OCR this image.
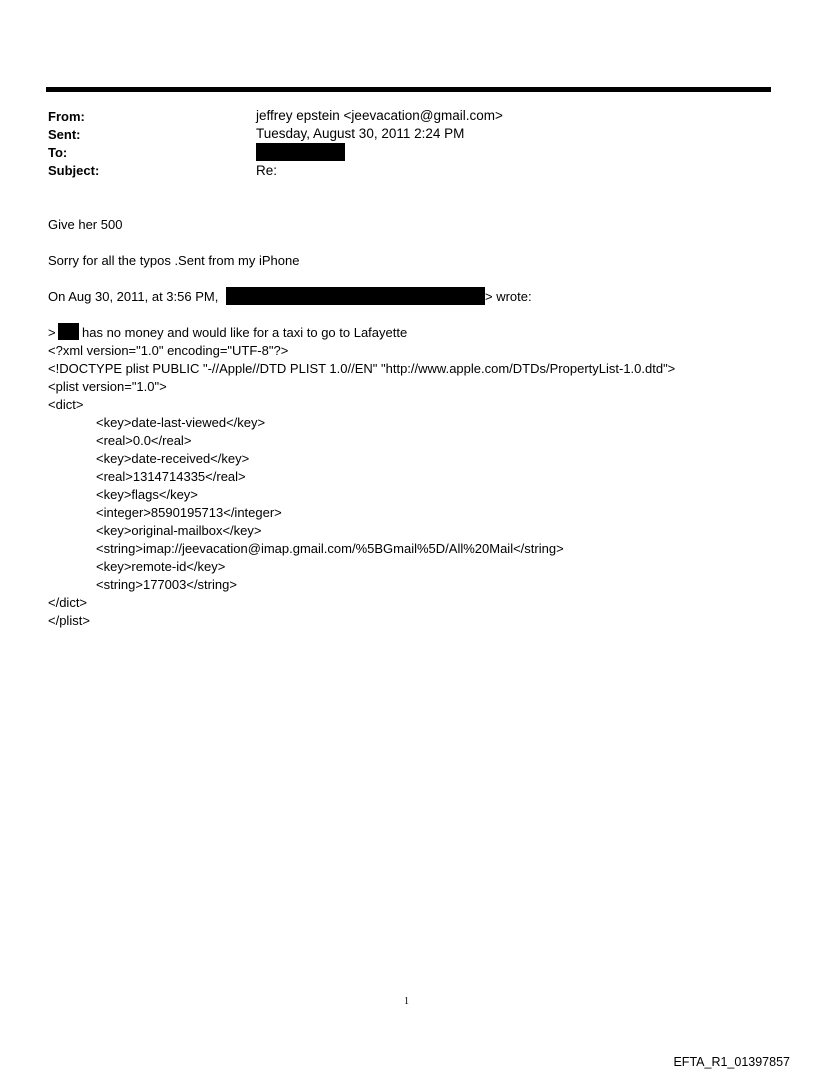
From:	jeffrey epstein <jeevacation@gmail.com>
Sent:	Tuesday, August 30, 2011 2:24 PM
To:
Subject:	Re:
Give her 500
Sorry for all the typos .Sent from my iPhone
On Aug 30, 2011, at 3:56 PM,	> wrote:
> has no money and would like for a taxi to go to Lafayette
<?xml version="1.0" encoding="UTF-8"?>
<!DOCTYPE plist PUBLIC "-//Apple//DTD PLIST 1.0//EN" "http://www.apple.com/DTDs/PropertyList-1.0.dtd">
<plist version="1.0">
<dict>
<key>date-last-viewed</key>
<real>0.0</real>
<key>date-received</key>
<real>1314714335</real>
<key>flags</key>
<integer>8590195713</integer>
<key>original-mailbox</key>
<string>imap://jeevacation@imap.gmail.com/%5BGmail%5D/All%20Mail</string>
<key>remote-id</key>
<string>177003</string>
</dict>
</plist>
1
EFTA_R1_01397857
